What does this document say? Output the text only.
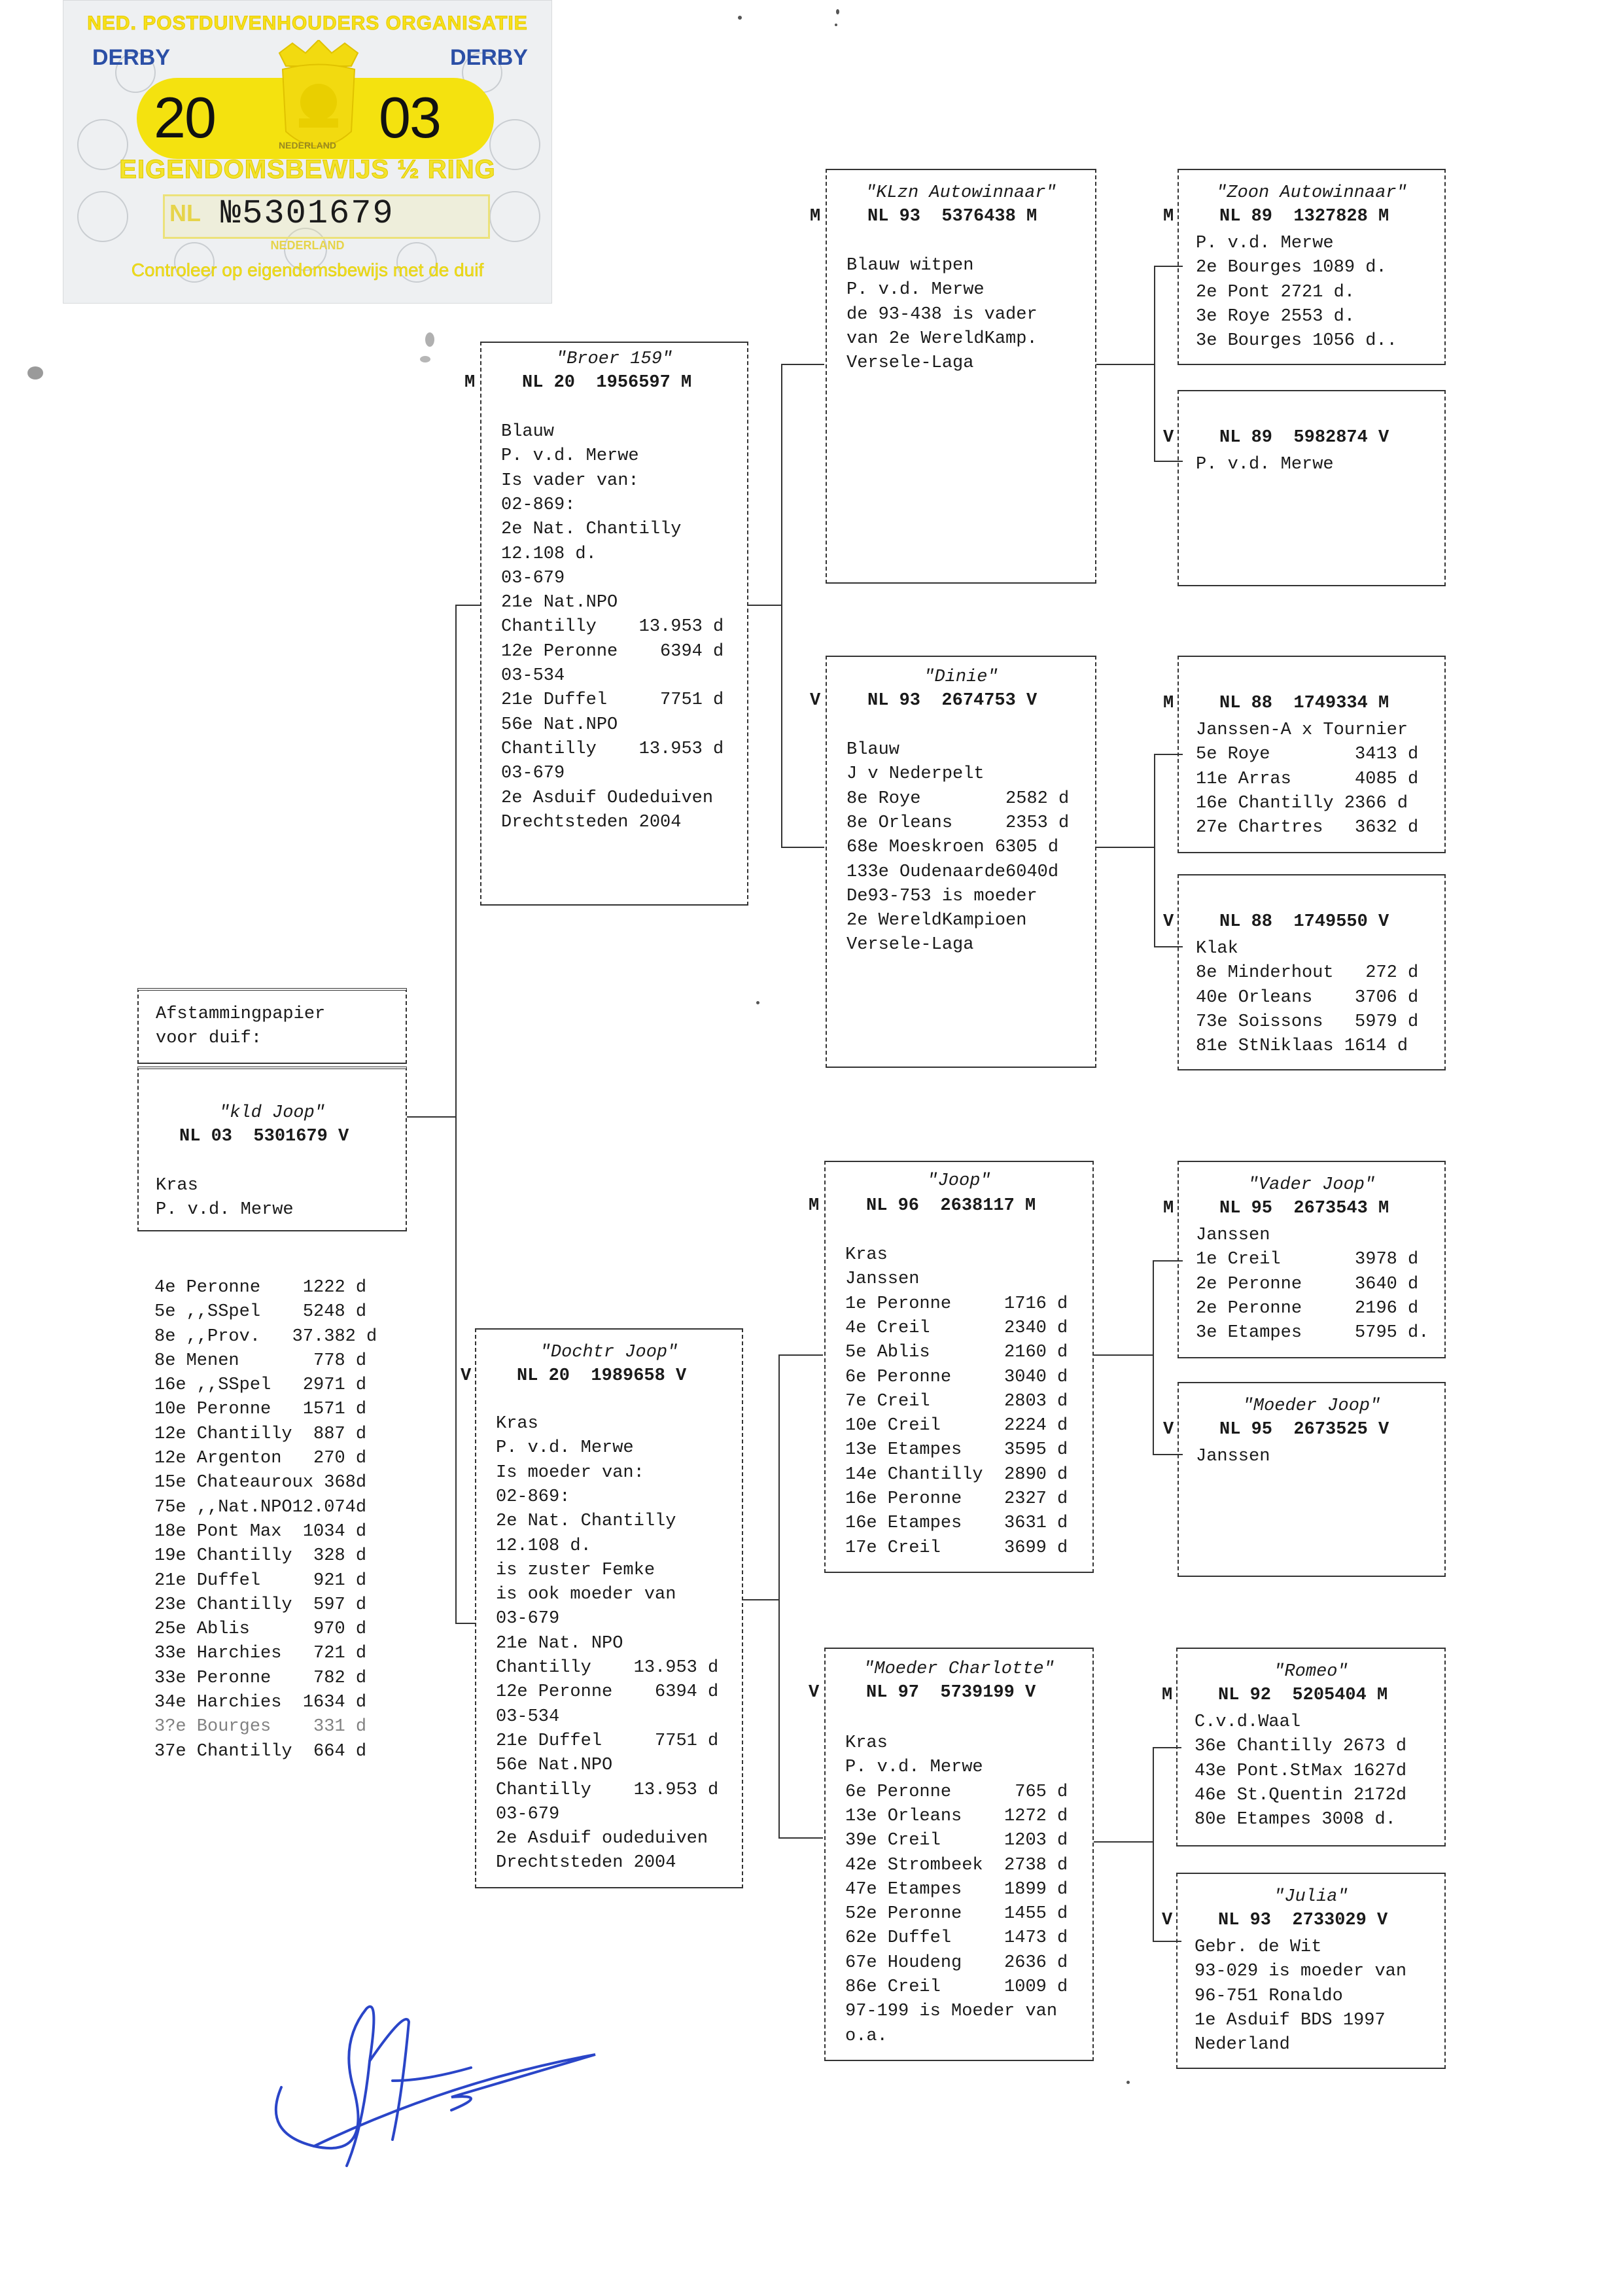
NED. POSTDUIVENHOUDERS ORGANISATIE
DERBY	DERBY
20	03
NEDERLAND
EIGENDOMSBEWIJS ½ RING
NL №5301679
NEDERLAND
Controleer op eigendomsbewijs met de duif
Afstammingpapier
voor duif:
"kld Joop"
NL 03  5301679 V
Kras
P. v.d. Merwe
4e Peronne    1222 d
5e ,,SSpel    5248 d
8e ,,Prov.   37.382 d
8e Menen       778 d
16e ,,SSpel   2971 d
10e Peronne   1571 d
12e Chantilly  887 d
12e Argenton   270 d
15e Chateauroux 368d
75e ,,Nat.NPO12.074d
18e Pont Max  1034 d
19e Chantilly  328 d
21e Duffel     921 d
23e Chantilly  597 d
25e Ablis      970 d
33e Harchies   721 d
33e Peronne    782 d
34e Harchies  1634 d
3?e Bourges    331 d
37e Chantilly  664 d
"Broer 159"
M	NL 20  1956597 M
Blauw
P. v.d. Merwe
Is vader van:
02-869:
2e Nat. Chantilly
12.108 d.
03-679
21e Nat.NPO
Chantilly    13.953 d
12e Peronne    6394 d
03-534
21e Duffel     7751 d
56e Nat.NPO
Chantilly    13.953 d
03-679
2e Asduif Oudeduiven
Drechtsteden 2004
"Dochtr Joop"
V	NL 20  1989658 V
Kras
P. v.d. Merwe
Is moeder van:
02-869:
2e Nat. Chantilly
12.108 d.
is zuster Femke
is ook moeder van
03-679
21e Nat. NPO
Chantilly    13.953 d
12e Peronne    6394 d
03-534
21e Duffel     7751 d
56e Nat.NPO
Chantilly    13.953 d
03-679
2e Asduif oudeduiven
Drechtsteden 2004
"KLzn Autowinnaar"
M	NL 93  5376438 M
Blauw witpen
P. v.d. Merwe
de 93-438 is vader
van 2e WereldKamp.
Versele-Laga
"Dinie"
V	NL 93  2674753 V
Blauw
J v Nederpelt
8e Roye        2582 d
8e Orleans     2353 d
68e Moeskroen 6305 d
133e Oudenaarde6040d
De93-753 is moeder
2e WereldKampioen
Versele-Laga
"Joop"
M	NL 96  2638117 M
Kras
Janssen
1e Peronne     1716 d
4e Creil       2340 d
5e Ablis       2160 d
6e Peronne     3040 d
7e Creil       2803 d
10e Creil      2224 d
13e Etampes    3595 d
14e Chantilly  2890 d
16e Peronne    2327 d
16e Etampes    3631 d
17e Creil      3699 d
"Moeder Charlotte"
V	NL 97  5739199 V
Kras
P. v.d. Merwe
6e Peronne      765 d
13e Orleans    1272 d
39e Creil      1203 d
42e Strombeek  2738 d
47e Etampes    1899 d
52e Peronne    1455 d
62e Duffel     1473 d
67e Houdeng    2636 d
86e Creil      1009 d
97-199 is Moeder van
o.a.
"Zoon Autowinnaar"
M	NL 89  1327828 M
P. v.d. Merwe
2e Bourges 1089 d.
2e Pont 2721 d.
3e Roye 2553 d.
3e Bourges 1056 d..
V	NL 89  5982874 V
P. v.d. Merwe
M	NL 88  1749334 M
Janssen-A x Tournier
5e Roye        3413 d
11e Arras      4085 d
16e Chantilly 2366 d
27e Chartres   3632 d
V	NL 88  1749550 V
Klak
8e Minderhout   272 d
40e Orleans    3706 d
73e Soissons   5979 d
81e StNiklaas 1614 d
"Vader Joop"
M	NL 95  2673543 M
Janssen
1e Creil       3978 d
2e Peronne     3640 d
2e Peronne     2196 d
3e Etampes     5795 d.
"Moeder Joop"
V	NL 95  2673525 V
Janssen
"Romeo"
M	NL 92  5205404 M
C.v.d.Waal
36e Chantilly 2673 d
43e Pont.StMax 1627d
46e St.Quentin 2172d
80e Etampes 3008 d.
"Julia"
V	NL 93  2733029 V
Gebr. de Wit
93-029 is moeder van
96-751 Ronaldo
1e Asduif BDS 1997
Nederland
